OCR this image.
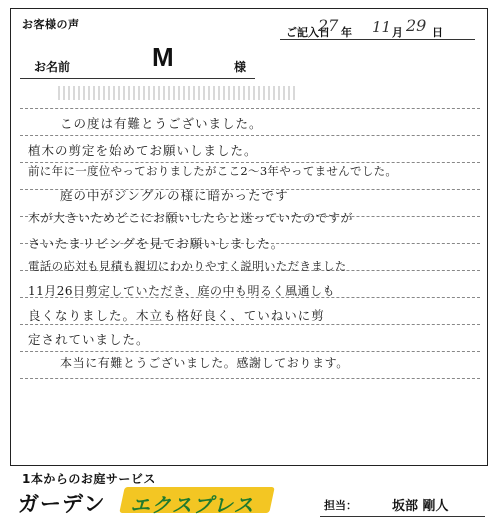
お客様の声
ご記入日
27 年 11 月 29 日
お名前	M	様
この度は有難とうございました。
植木の剪定を始めてお願いしました。
前に年に一度位やっておりましたがここ2〜3年やってませんでした。
庭の中がジングルの様に暗かったです
木が大きいためどこにお願いしたらと迷っていたのですが
さいたまリビングを見てお願いしました。
電話の応対も見積も親切にわかりやすく説明いただきました
11月26日剪定していただき、庭の中も明るく風通しも
良くなりました。木立も格好良く、ていねいに剪
定されていました。
本当に有難とうございました。感謝しております。
1本からのお庭サービス
ガーデン エクスプレス	担当：	坂部 剛人
